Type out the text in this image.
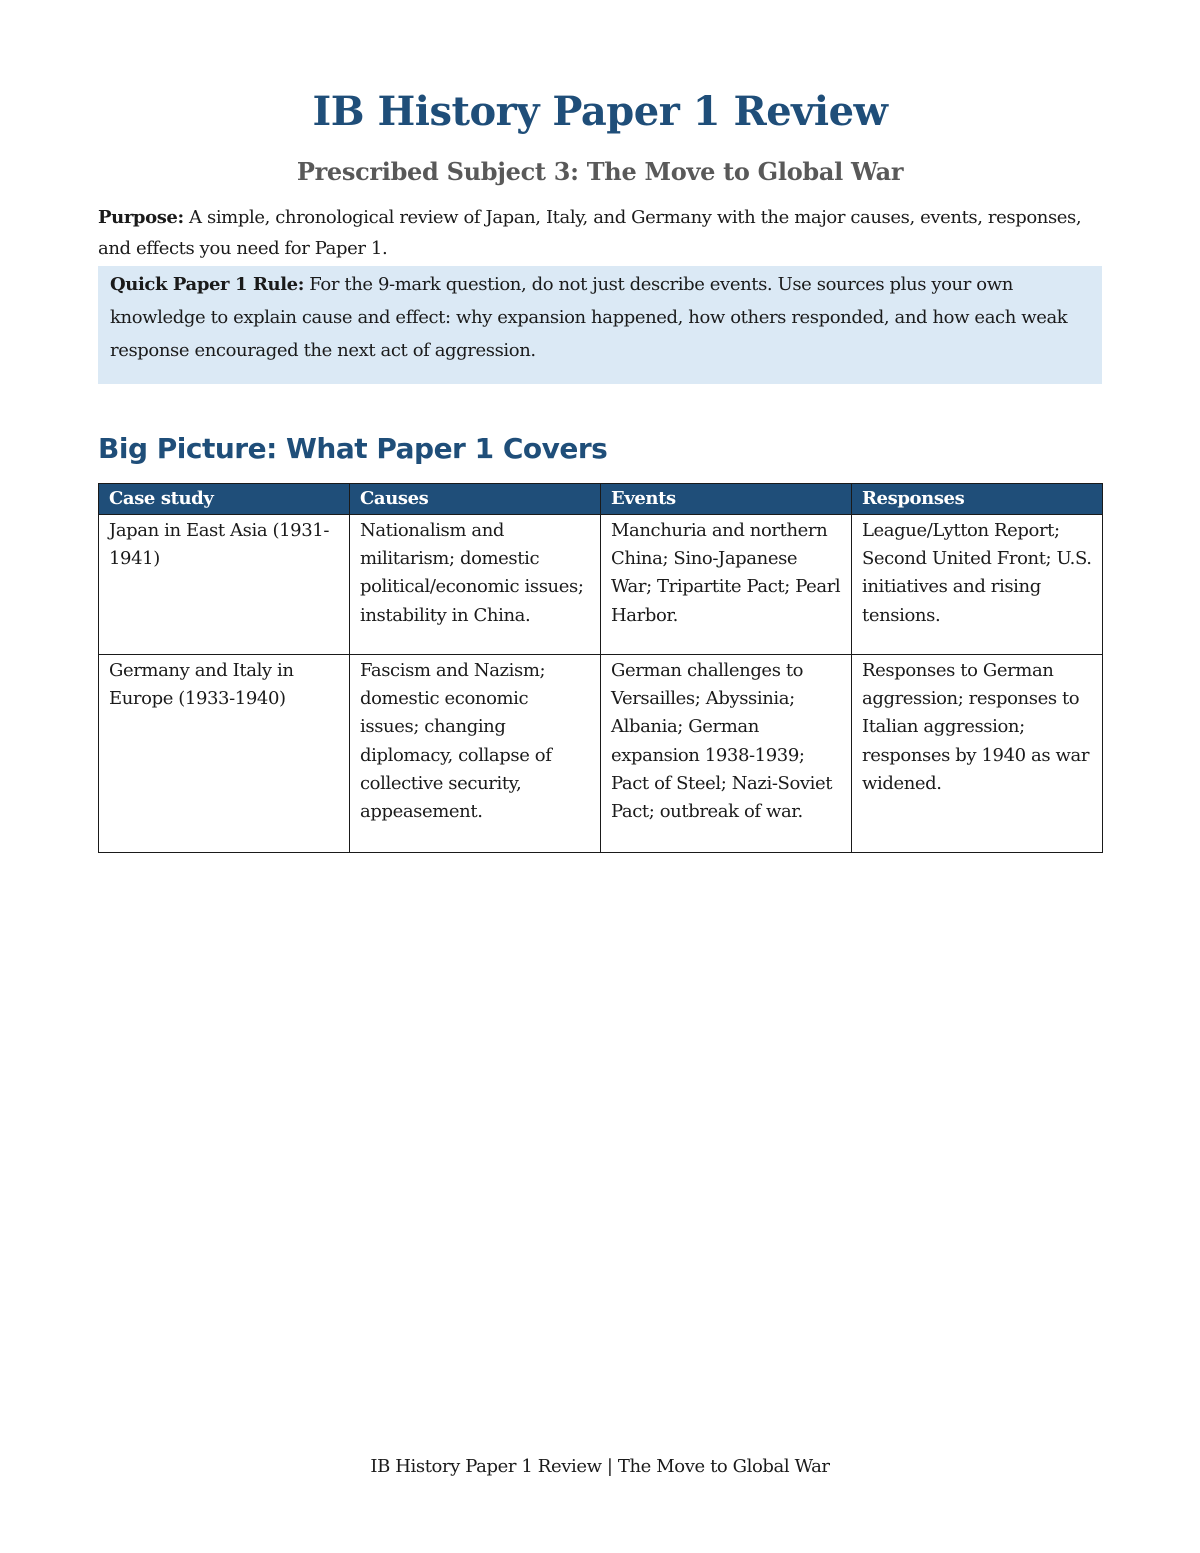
IB History Paper 1 Review
Prescribed Subject 3: The Move to Global War
Purpose: A simple, chronological review of Japan, Italy, and Germany with the major causes, events, responses, and effects you need for Paper 1.
Quick Paper 1 Rule: For the 9-mark question, do not just describe events. Use sources plus your own knowledge to explain cause and effect: why expansion happened, how others responded, and how each weak response encouraged the next act of aggression.
Big Picture: What Paper 1 Covers
Case study	Causes	Events	Responses
Japan in East Asia (1931-1941)	Nationalism and militarism; domestic political/economic issues; instability in China.	Manchuria and northern China; Sino-Japanese War; Tripartite Pact; Pearl Harbor.	League/Lytton Report; Second United Front; U.S. initiatives and rising tensions.
Germany and Italy in Europe (1933-1940)	Fascism and Nazism; domestic economic issues; changing diplomacy, collapse of collective security, appeasement.	German challenges to Versailles; Abyssinia; Albania; German expansion 1938-1939; Pact of Steel; Nazi-Soviet Pact; outbreak of war.	Responses to German aggression; responses to Italian aggression; responses by 1940 as war widened.
IB History Paper 1 Review | The Move to Global War
